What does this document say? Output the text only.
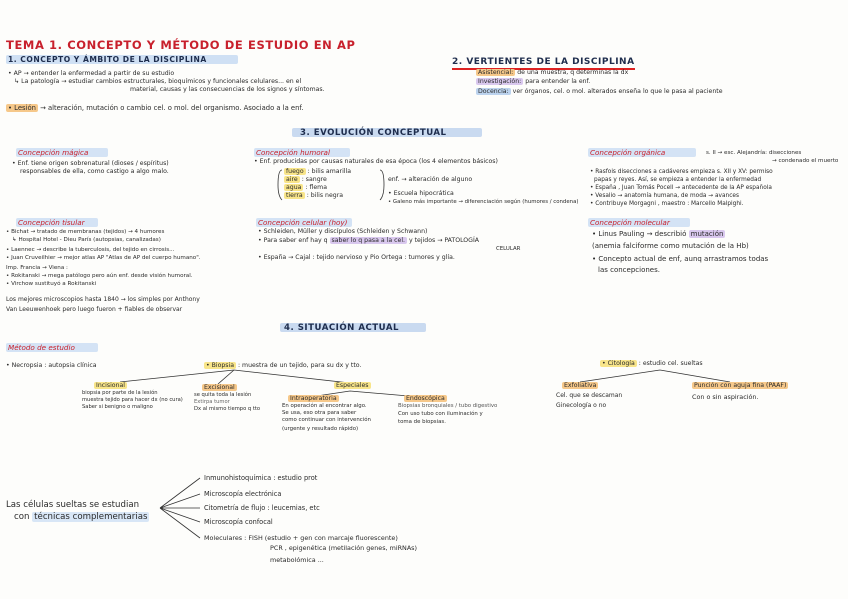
TEMA 1. CONCEPTO Y MÉTODO DE ESTUDIO EN AP
1. CONCEPTO Y ÁMBITO DE LA DISCIPLINA
• AP → entender la enfermedad a partir de su estudio
↳ La patología → estudiar cambios estructurales, bioquímicos y funcionales celulares... en el
material, causas y las consecuencias de los signos y síntomas.
• Lesión → alteración, mutación o cambio cel. o mol. del organismo. Asociado a la enf.
2. VERTIENTES DE LA DISCIPLINA
Asistencial: de una muestra, q determinas la dx
Investigación: para entender la enf.
Docencia: ver órganos, cel. o mol. alterados enseña lo que le pasa al paciente
3. EVOLUCIÓN CONCEPTUAL
Concepción mágica
• Enf. tiene origen sobrenatural (dioses / espíritus)
responsables de ella, como castigo a algo malo.
Concepción humoral
• Enf. producidas por causas naturales de esa época (los 4 elementos básicos)
fuego : bilis amarilla
aire : sangre
agua : flema
tierra : bilis negra
enf. → alteración de alguno
• Escuela hipocrática
• Galeno más importante → diferenciación según (humores / condena)
Concepción orgánica	s. II → esc. Alejandría: disecciones
→ condenado el muerto
• Rasfois disecciones a cadáveres empieza s. XII y XV: permiso
papas y reyes. Así, se empieza a entender la enfermedad
• España , Juan Tomás Pocell → antecedente de la AP española
• Vesalio → anatomía humana, de moda → avances
• Contribuye Morgagni , maestro : Marcello Malpighi.
Concepción tisular
• Bichat → tratado de membranas (tejidos) → 4 humores
↳ Hospital Hotel - Dieu París (autopsias, canalizadas)
• Laennec → describe la tuberculosis, del tejido en cirrosis...
• Juan Cruveilhier → mejor atlas AP "Atlas de AP del cuerpo humano".
Imp. Francia → Viena :
• Rokitanski → mega patólogo pero aún enf. desde visión humoral.
• Virchow sustituyó a Rokitanski
Los mejores microscopios hasta 1840 → los simples por Anthony
Van Leeuwenhoek pero luego fueron + fiables de observar
Concepción celular (hoy)
• Schleiden, Müller y discípulos (Schleiden y Schwann)
• Para saber enf hay q saber lo q pasa a la cel. y tejidos → PATOLOGÍA
CELULAR
• España → Cajal : tejido nervioso y Pio Ortega : tumores y glía.
Concepción molecular
• Linus Pauling → describió mutación
(anemia falciforme como mutación de la Hb)
• Concepto actual de enf, aunq arrastramos todas
las concepciones.
4. SITUACIÓN ACTUAL
Método de estudio
• Necropsia : autopsia clínica	• Biopsia : muestra de un tejido, para su dx y tto.	• Citología : estudio cel. sueltas
Incisional
biopsia por parte de la lesión
muestra tejido para hacer dx (no cura)
Saber si benigno o maligno
Excisional
se quita toda la lesión
Extirpa tumor
Dx al mismo tiempo q tto
Especiales
Intraoperatoria
En operación al encontrar algo.
Se usa, eso otra para saber
como continuar con intervención
(urgente y resultado rápido)
Endoscópica
Biopsias bronquiales / tubo digestivo
Con uso tubo con iluminación y
toma de biopsias.
Exfoliativa
Cel. que se descaman
Ginecología o no
Punción con aguja fina (PAAF)
Con o sin aspiración.
Las células sueltas se estudian
con técnicas complementarias
Inmunohistoquímica : estudio prot
Microscopía electrónica
Citometría de flujo : leucemias, etc
Microscopía confocal
Moleculares : FISH (estudio + gen con marcaje fluorescente)
PCR , epigenética (metilación genes, miRNAs)
metabolómica ...
